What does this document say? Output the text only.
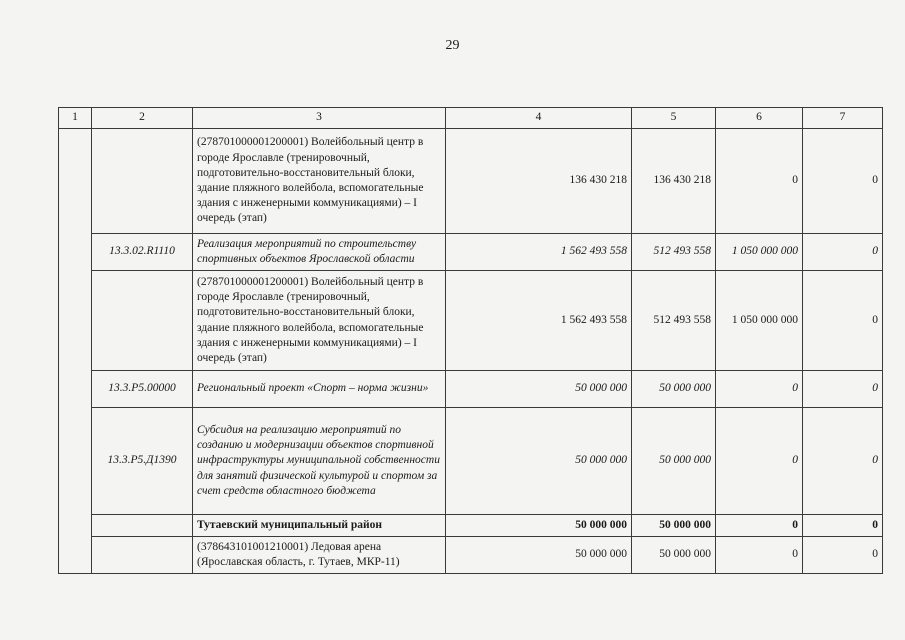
29
1	2	3	4	5	6	7
		(278701000001200001) Волейбольный центр в городе Ярославле (тренировочный, подготовительно-восстановительный блоки, здание пляжного волейбола, вспомогательные здания с инженерными коммуникациями) – I очередь (этап)	136 430 218	136 430 218	0	0
	13.3.02.R1110	Реализация мероприятий по строительству спортивных объектов Ярославской области	1 562 493 558	512 493 558	1 050 000 000	0
		(278701000001200001) Волейбольный центр в городе Ярославле (тренировочный, подготовительно-восстановительный блоки, здание пляжного волейбола, вспомогательные здания с инженерными коммуникациями) – I очередь (этап)	1 562 493 558	512 493 558	1 050 000 000	0
	13.3.P5.00000	Региональный проект «Спорт – норма жизни»	50 000 000	50 000 000	0	0
	13.3.P5.Д1390	Субсидия на реализацию мероприятий по созданию и модернизации объектов спортивной инфраструктуры муниципальной собственности для занятий физической культурой и спортом за счет средств областного бюджета	50 000 000	50 000 000	0	0
		Тутаевский муниципальный район	50 000 000	50 000 000	0	0
		(378643101001210001) Ледовая арена (Ярославская область, г. Тутаев, МКР-11)	50 000 000	50 000 000	0	0
